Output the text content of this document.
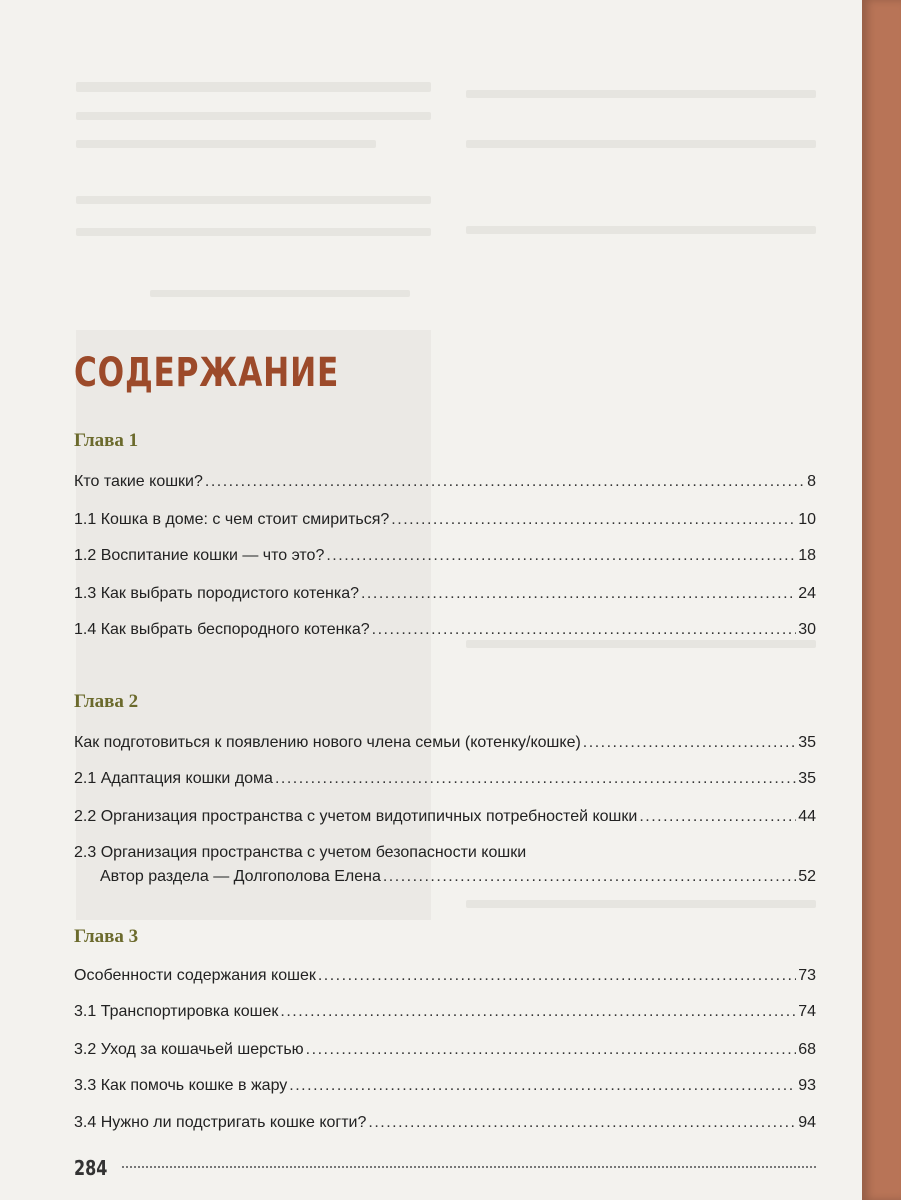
СОДЕРЖАНИЕ
Глава 1
Кто такие кошки? .....	8
1.1 Кошка в доме: с чем стоит смириться? .....	10
1.2 Воспитание кошки — что это? .....	18
1.3 Как выбрать породистого котенка? .....	24
1.4 Как выбрать беспородного котенка? .....	30
Глава 2
Как подготовиться к появлению нового члена семьи (котенку/кошке) .....	35
2.1 Адаптация кошки дома .....	35
2.2 Организация пространства с учетом видотипичных потребностей кошки .....	44
2.3 Организация пространства с учетом безопасности кошки
Автор раздела — Долгополова Елена .....	52
Глава 3
Особенности содержания кошек .....	73
3.1 Транспортировка кошек .....	74
3.2 Уход за кошачьей шерстью .....	68
3.3 Как помочь кошке в жару .....	93
3.4 Нужно ли подстригать кошке когти? .....	94
284
